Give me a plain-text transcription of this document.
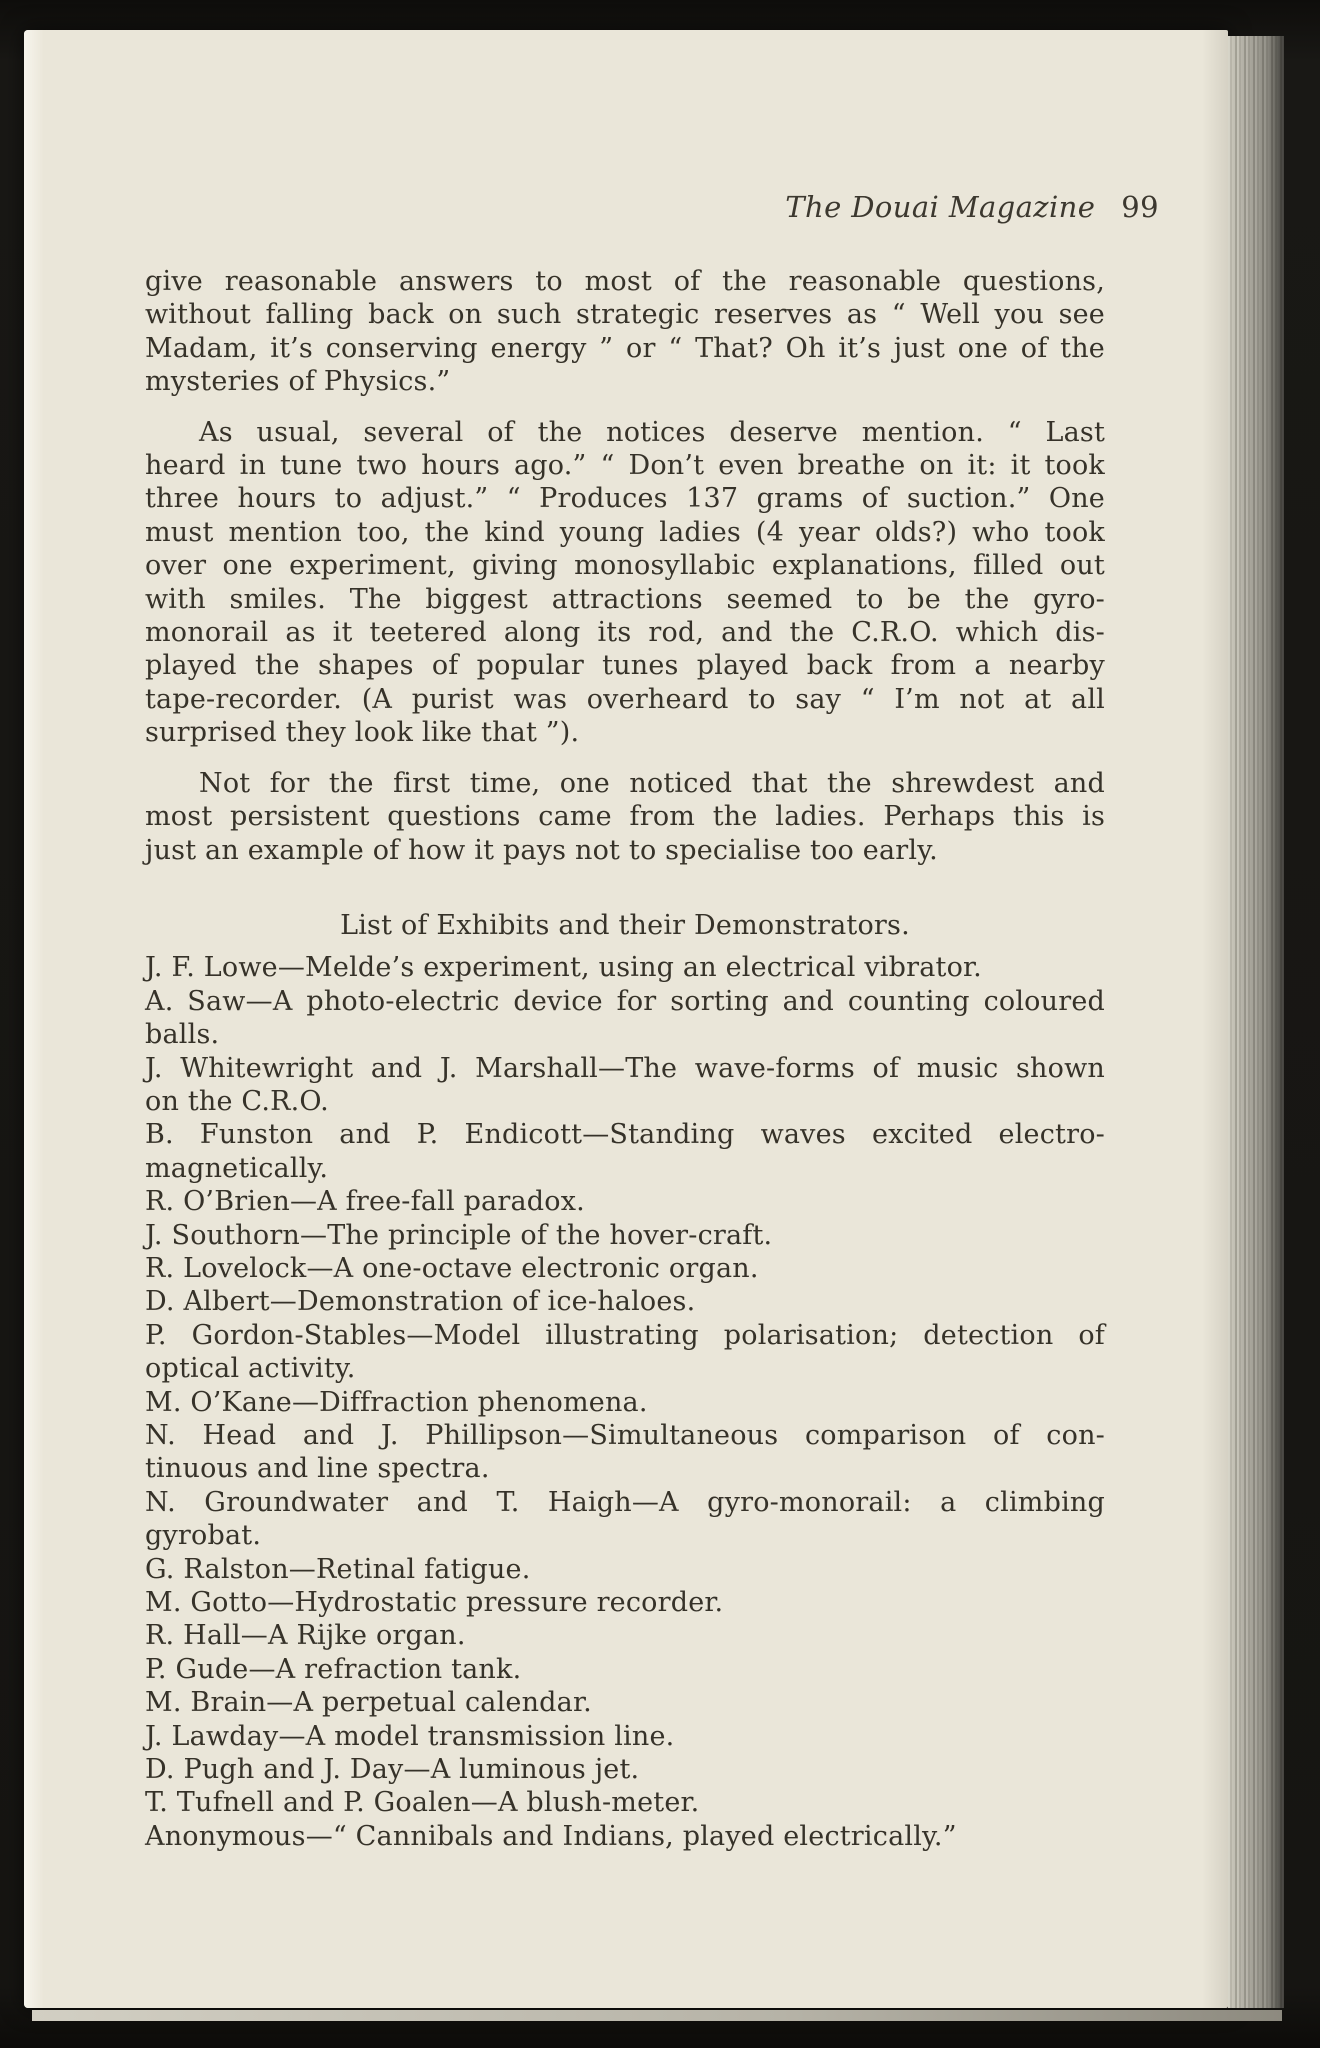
The Douai Magazine 99
give reasonable answers to most of the reasonable questions,
without falling back on such strategic reserves as “ Well you see
Madam, it’s conserving energy ” or “ That? Oh it’s just one of the
mysteries of Physics.”
As usual, several of the notices deserve mention. “ Last
heard in tune two hours ago.” “ Don’t even breathe on it: it took
three hours to adjust.” “ Produces 137 grams of suction.” One
must mention too, the kind young ladies (4 year olds?) who took
over one experiment, giving monosyllabic explanations, filled out
with smiles. The biggest attractions seemed to be the gyro-
monorail as it teetered along its rod, and the C.R.O. which dis-
played the shapes of popular tunes played back from a nearby
tape-recorder. (A purist was overheard to say “ I’m not at all
surprised they look like that ”).
Not for the first time, one noticed that the shrewdest and
most persistent questions came from the ladies. Perhaps this is
just an example of how it pays not to specialise too early.
List of Exhibits and their Demonstrators.
J. F. Lowe—Melde’s experiment, using an electrical vibrator.
A. Saw—A photo-electric device for sorting and counting coloured
balls.
J. Whitewright and J. Marshall—The wave-forms of music shown
on the C.R.O.
B. Funston and P. Endicott—Standing waves excited electro-
magnetically.
R. O’Brien—A free-fall paradox.
J. Southorn—The principle of the hover-craft.
R. Lovelock—A one-octave electronic organ.
D. Albert—Demonstration of ice-haloes.
P. Gordon-Stables—Model illustrating polarisation; detection of
optical activity.
M. O’Kane—Diffraction phenomena.
N. Head and J. Phillipson—Simultaneous comparison of con-
tinuous and line spectra.
N. Groundwater and T. Haigh—A gyro-monorail: a climbing
gyrobat.
G. Ralston—Retinal fatigue.
M. Gotto—Hydrostatic pressure recorder.
R. Hall—A Rijke organ.
P. Gude—A refraction tank.
M. Brain—A perpetual calendar.
J. Lawday—A model transmission line.
D. Pugh and J. Day—A luminous jet.
T. Tufnell and P. Goalen—A blush-meter.
Anonymous—“ Cannibals and Indians, played electrically.”
